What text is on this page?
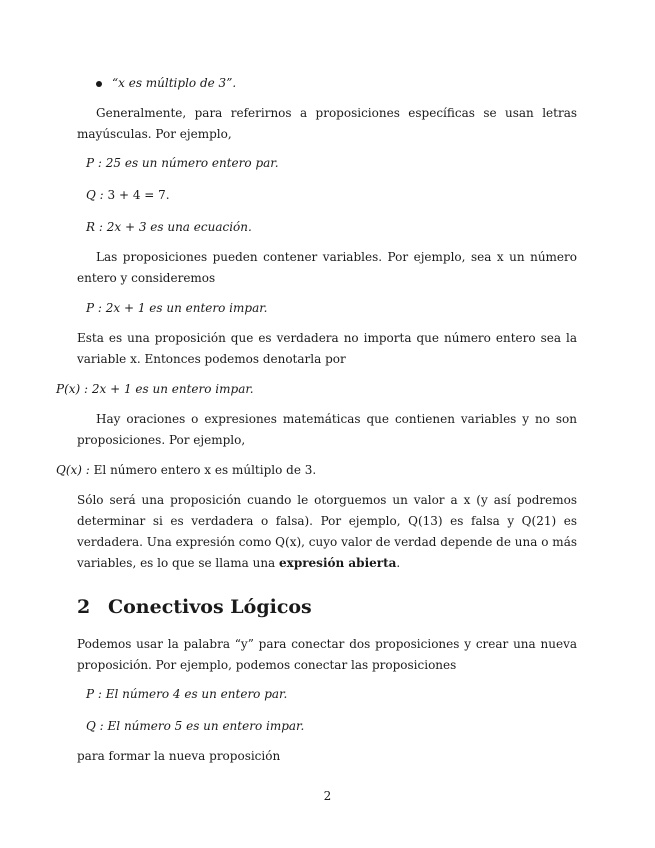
“x es múltiplo de 3”.
Generalmente, para referirnos a proposiciones específicas se usan letras mayúsculas. Por ejemplo,
P : 25 es un número entero par.
Q : 3 + 4 = 7.
R : 2x + 3 es una ecuación.
Las proposiciones pueden contener variables. Por ejemplo, sea x un número entero y consideremos
P : 2x + 1 es un entero impar.
Esta es una proposición que es verdadera no importa que número entero sea la variable x. Entonces podemos denotarla por
P(x) : 2x + 1 es un entero impar.
Hay oraciones o expresiones matemáticas que contienen variables y no son proposiciones. Por ejemplo,
Q(x) : El número entero x es múltiplo de 3.
Sólo será una proposición cuando le otorguemos un valor a x (y así podremos determinar si es verdadera o falsa). Por ejemplo, Q(13) es falsa y Q(21) es verdadera. Una expresión como Q(x), cuyo valor de verdad depende de una o más variables, es lo que se llama una expresión abierta.
2 Conectivos Lógicos
Podemos usar la palabra “y” para conectar dos proposiciones y crear una nueva proposición. Por ejemplo, podemos conectar las proposiciones
P : El número 4 es un entero par.
Q : El número 5 es un entero impar.
para formar la nueva proposición
2
